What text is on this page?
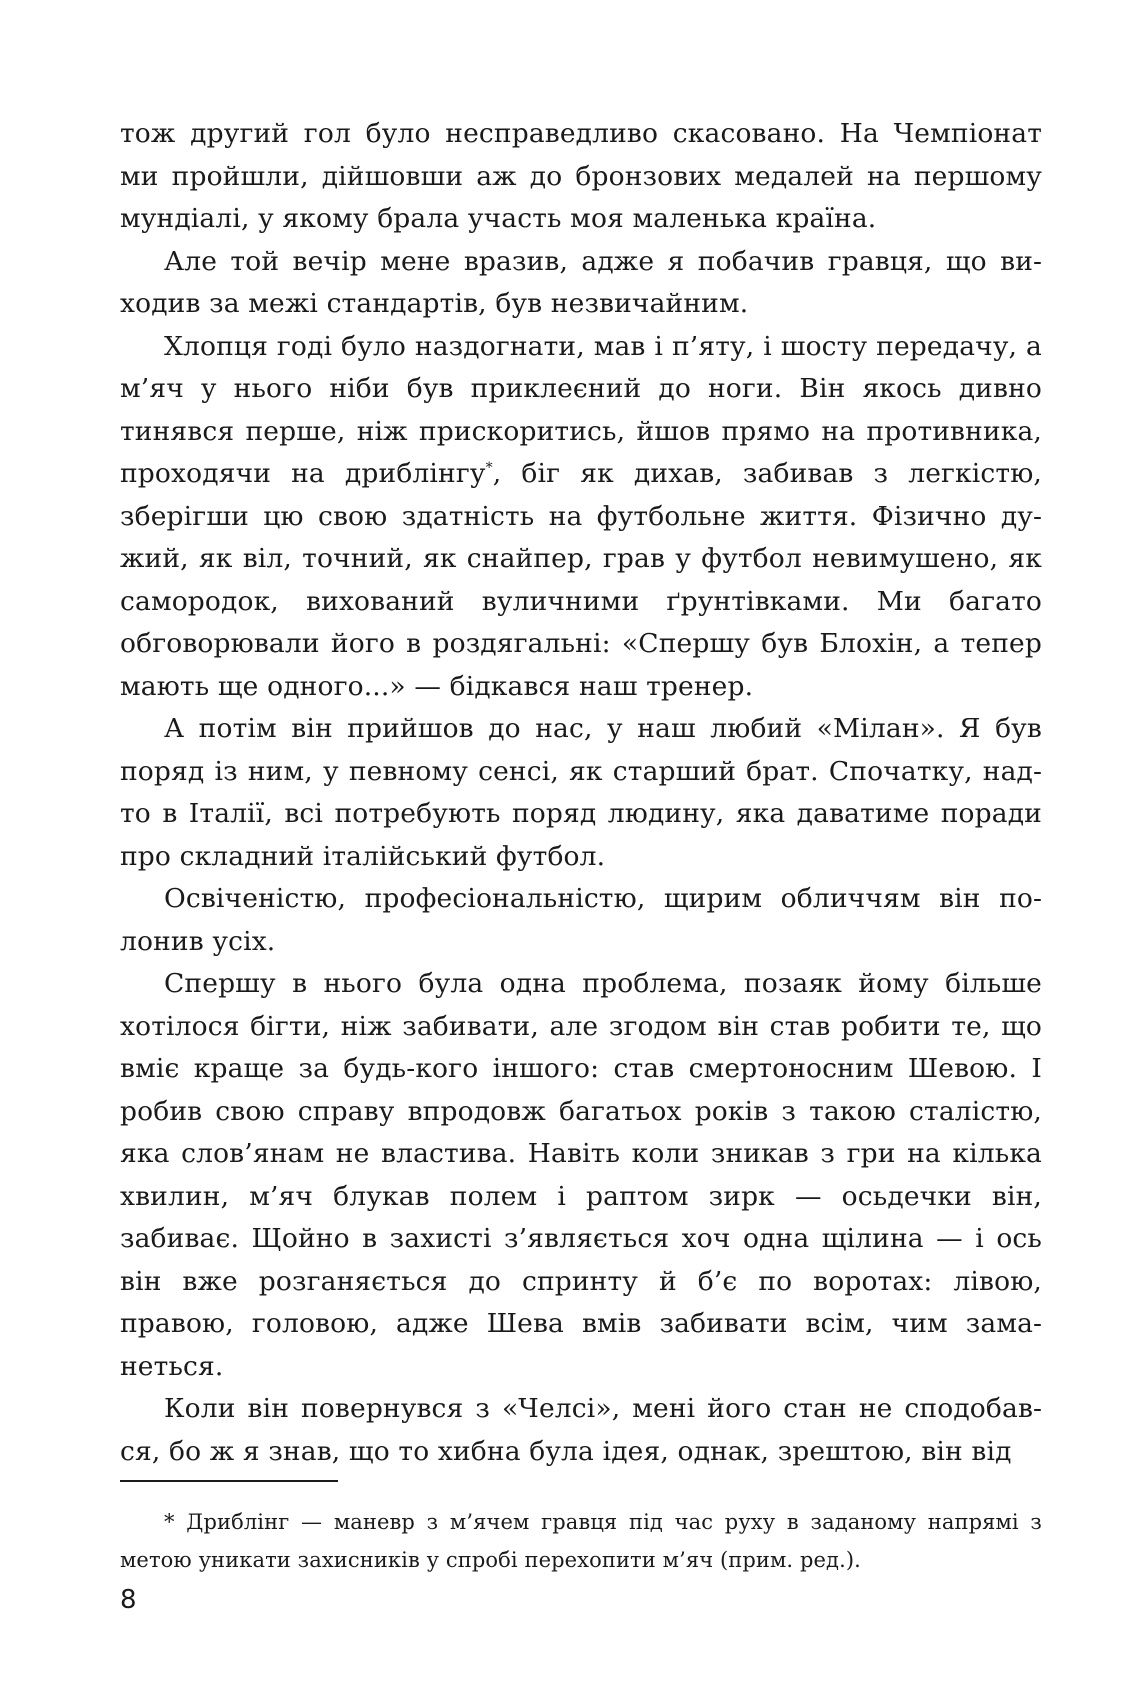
тож другий гол було несправедливо скасовано. На Чемпіонат ми пройшли, дійшовши аж до бронзових медалей на першому мундіалі, у якому брала участь моя маленька країна.

Але той вечір мене вразив, адже я побачив гравця, що виходив за межі стандартів, був незвичайним.

Хлопця годі було наздогнати, мав і п’яту, і шосту передачу, а м’яч у нього ніби був приклеєний до ноги. Він якось дивно тинявся перше, ніж прискоритись, йшов прямо на противника, проходячи на дриблінгу*, біг як дихав, забивав з легкістю, зберігши цю свою здатність на футбольне життя. Фізично дужий, як віл, точний, як снайпер, грав у футбол невимушено, як самородок, вихований вуличними ґрунтівками. Ми багато обговорювали його в роздягальні: «Спершу був Блохін, а тепер мають ще одного...» — бідкався наш тренер.

А потім він прийшов до нас, у наш любий «Мілан». Я був поряд із ним, у певному сенсі, як старший брат. Спочатку, надто в Італії, всі потребують поряд людину, яка даватиме поради про складний італійський футбол.

Освіченістю, професіональністю, щирим обличчям він полонив усіх.

Спершу в нього була одна проблема, позаяк йому більше хотілося бігти, ніж забивати, але згодом він став робити те, що вміє краще за будь-кого іншого: став смертоносним Шевою. І робив свою справу впродовж багатьох років з такою сталістю, яка слов’янам не властива. Навіть коли зникав з гри на кілька хвилин, м’яч блукав полем і раптом зирк — осьдечки він, забиває. Щойно в захисті з’являється хоч одна щілина — і ось він вже розганяється до спринту й б’є по воротах: лівою, правою, головою, адже Шева вмів забивати всім, чим заманеться.

Коли він повернувся з «Челсі», мені його стан не сподобався, бо ж я знав, що то хибна була ідея, однак, зрештою, він від

* Дриблінг — маневр з м’ячем гравця під час руху в заданому напрямі з метою уникати захисників у спробі перехопити м’яч (прим. ред.).

8
